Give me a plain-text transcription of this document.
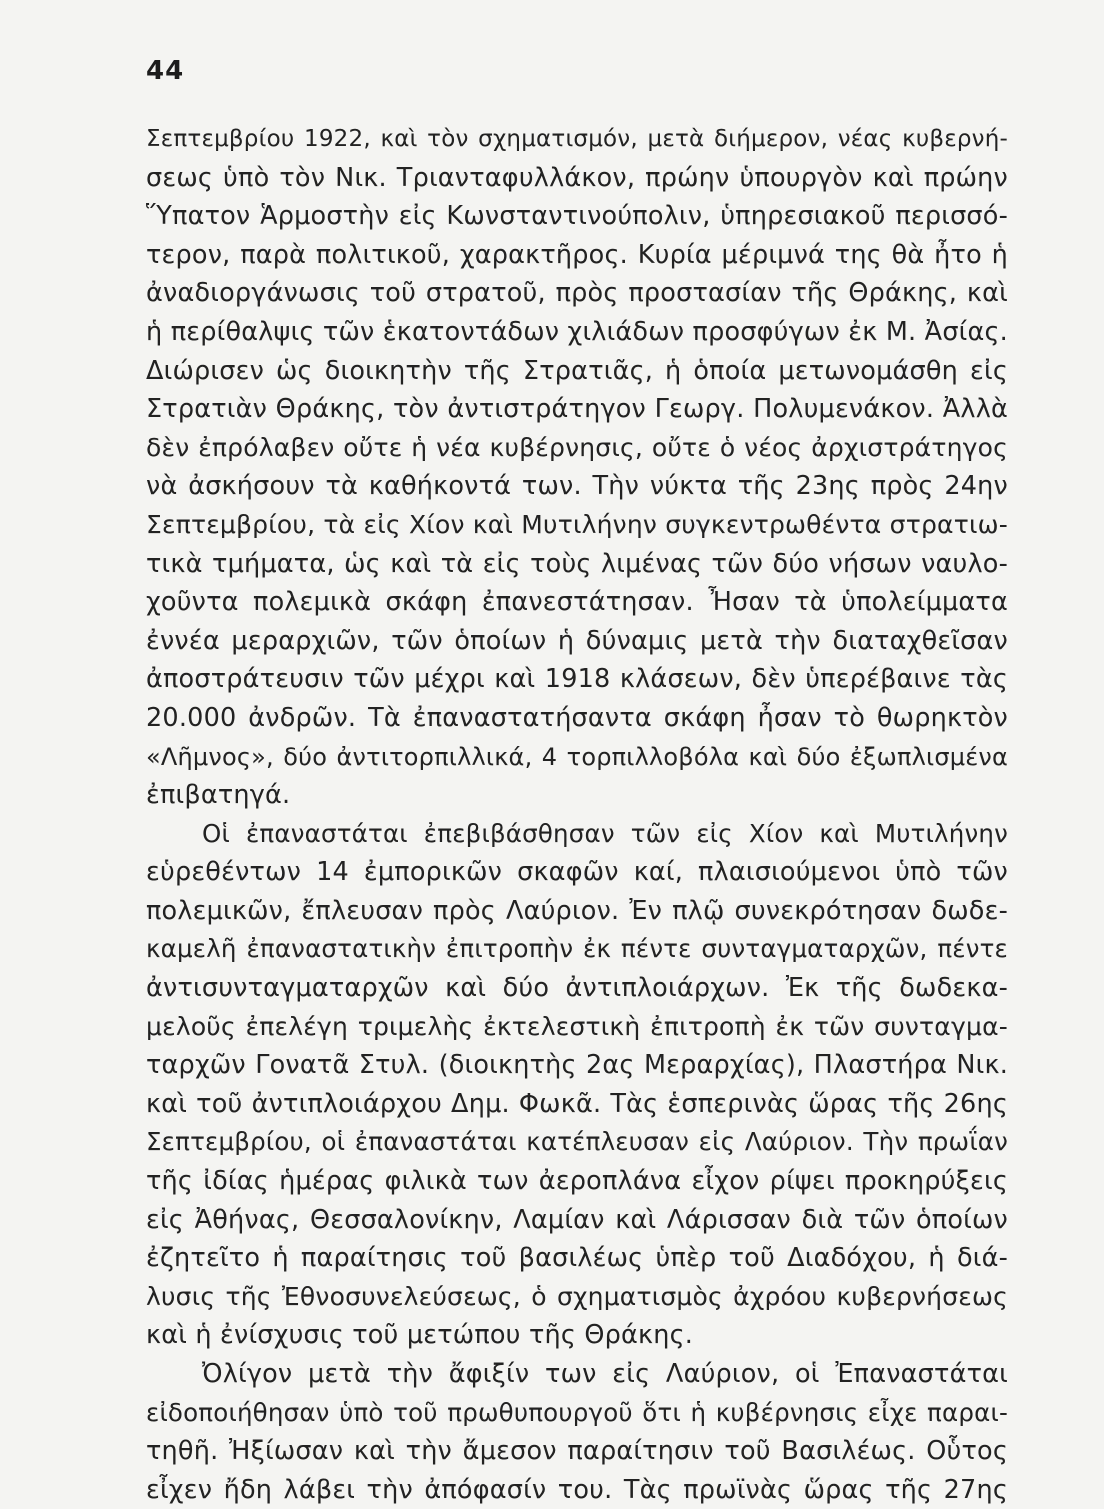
44
Σεπτεμβρίου 1922, καὶ τὸν σχηματισμόν, μετὰ διήμερον, νέας κυβερνή-
σεως ὑπὸ τὸν Νικ. Τριανταφυλλάκον, πρώην ὑπουργὸν καὶ πρώην
Ὕπατον Ἁρμοστὴν εἰς Κωνσταντινούπολιν, ὑπηρεσιακοῦ περισσό-
τερον, παρὰ πολιτικοῦ, χαρακτῆρος. Κυρία μέριμνά της θὰ ἦτο ἡ
ἀναδιοργάνωσις τοῦ στρατοῦ, πρὸς προστασίαν τῆς Θράκης, καὶ
ἡ περίθαλψις τῶν ἑκατοντάδων χιλιάδων προσφύγων ἐκ Μ. Ἀσίας.
Διώρισεν ὡς διοικητὴν τῆς Στρατιᾶς, ἡ ὁποία μετωνομάσθη εἰς
Στρατιὰν Θράκης, τὸν ἀντιστράτηγον Γεωργ. Πολυμενάκον. Ἀλλὰ
δὲν ἐπρόλαβεν οὔτε ἡ νέα κυβέρνησις, οὔτε ὁ νέος ἀρχιστράτηγος
νὰ ἀσκήσουν τὰ καθήκοντά των. Τὴν νύκτα τῆς 23ης πρὸς 24ην
Σεπτεμβρίου, τὰ εἰς Χίον καὶ Μυτιλήνην συγκεντρωθέντα στρατιω-
τικὰ τμήματα, ὡς καὶ τὰ εἰς τοὺς λιμένας τῶν δύο νήσων ναυλο-
χοῦντα πολεμικὰ σκάφη ἐπανεστάτησαν. Ἦσαν τὰ ὑπολείμματα
ἐννέα μεραρχιῶν, τῶν ὁποίων ἡ δύναμις μετὰ τὴν διαταχθεῖσαν
ἀποστράτευσιν τῶν μέχρι καὶ 1918 κλάσεων, δὲν ὑπερέβαινε τὰς
20.000 ἀνδρῶν. Τὰ ἐπαναστατήσαντα σκάφη ἦσαν τὸ θωρηκτὸν
«Λῆμνος», δύο ἀντιτορπιλλικά, 4 τορπιλλοβόλα καὶ δύο ἐξωπλισμένα
ἐπιβατηγά.
Οἱ ἐπαναστάται ἐπεβιβάσθησαν τῶν εἰς Χίον καὶ Μυτιλήνην
εὑρεθέντων 14 ἐμπορικῶν σκαφῶν καί, πλαισιούμενοι ὑπὸ τῶν
πολεμικῶν, ἔπλευσαν πρὸς Λαύριον. Ἐν πλῷ συνεκρότησαν δωδε-
καμελῆ ἐπαναστατικὴν ἐπιτροπὴν ἐκ πέντε συνταγματαρχῶν, πέντε
ἀντισυνταγματαρχῶν καὶ δύο ἀντιπλοιάρχων. Ἐκ τῆς δωδεκα-
μελοῦς ἐπελέγη τριμελὴς ἐκτελεστικὴ ἐπιτροπὴ ἐκ τῶν συνταγμα-
ταρχῶν Γονατᾶ Στυλ. (διοικητὴς 2ας Μεραρχίας), Πλαστήρα Νικ.
καὶ τοῦ ἀντιπλοιάρχου Δημ. Φωκᾶ. Τὰς ἑσπερινὰς ὥρας τῆς 26ης
Σεπτεμβρίου, οἱ ἐπαναστάται κατέπλευσαν εἰς Λαύριον. Τὴν πρωΐαν
τῆς ἰδίας ἡμέρας φιλικὰ των ἀεροπλάνα εἶχον ρίψει προκηρύξεις
εἰς Ἀθήνας, Θεσσαλονίκην, Λαμίαν καὶ Λάρισσαν διὰ τῶν ὁποίων
ἐζητεῖτο ἡ παραίτησις τοῦ βασιλέως ὑπὲρ τοῦ Διαδόχου, ἡ διά-
λυσις τῆς Ἐθνοσυνελεύσεως, ὁ σχηματισμὸς ἀχρόου κυβερνήσεως
καὶ ἡ ἐνίσχυσις τοῦ μετώπου τῆς Θράκης.
Ὀλίγον μετὰ τὴν ἄφιξίν των εἰς Λαύριον, οἱ Ἐπαναστάται
εἰδοποιήθησαν ὑπὸ τοῦ πρωθυπουργοῦ ὅτι ἡ κυβέρνησις εἶχε παραι-
τηθῆ. Ἠξίωσαν καὶ τὴν ἄμεσον παραίτησιν τοῦ Βασιλέως. Οὗτος
εἶχεν ἤδη λάβει τὴν ἀπόφασίν του. Τὰς πρωϊνὰς ὥρας τῆς 27ης
